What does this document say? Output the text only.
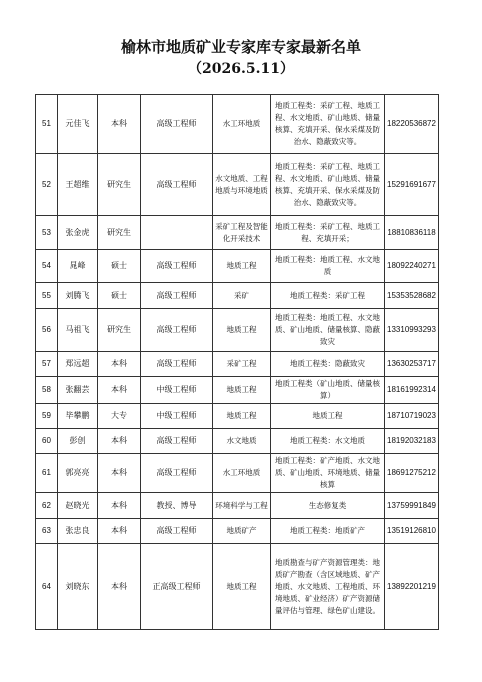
榆林市地质矿业专家库专家最新名单
（2026.5.11）
51	元佳飞	本科	高级工程师	水工环地质	地质工程类：采矿工程、地质工程、水文地质、矿山地质、储量核算、充填开采、保水采煤及防治水、隐蔽致灾等。	18220536872
52	王超维	研究生	高级工程师	水文地质、工程地质与环境地质	地质工程类：采矿工程、地质工程、水文地质、矿山地质、储量核算、充填开采、保水采煤及防治水、隐蔽致灾等。	15291691677
53	张金虎	研究生		采矿工程及智能化开采技术	地质工程类：采矿工程、地质工程、充填开采；	18810836118
54	晁峰	硕士	高级工程师	地质工程	地质工程类：地质工程、水文地质	18092240271
55	刘腾飞	硕士	高级工程师	采矿	地质工程类：采矿工程	15353528682
56	马祖飞	研究生	高级工程师	地质工程	地质工程类：地质工程、水文地质、矿山地质、储量核算、隐蔽致灾	13310993293
57	郑远超	本科	高级工程师	采矿工程	地质工程类：隐蔽致灾	13630253717
58	张翻芸	本科	中级工程师	地质工程	地质工程类（矿山地质、储量核算）	18161992314
59	毕攀鹏	大专	中级工程师	地质工程	地质工程	18710719023
60	彭创	本科	高级工程师	水文地质	地质工程类：水文地质	18192032183
61	郭亮亮	本科	高级工程师	水工环地质	地质工程类：矿产地质、水文地质、矿山地质、环境地质、储量核算	18691275212
62	赵晓光	本科	教授、博导	环境科学与工程	生态修复类	13759991849
63	张忠良	本科	高级工程师	地质矿产	地质工程类：地质矿产	13519126810
64	刘晓东	本科	正高级工程师	地质工程	地质勘查与矿产资源管理类：地质矿产勘查（含区域地质、矿产地质、水文地质、工程地质、环境地质、矿业经济）矿产资源储量评估与管理、绿色矿山建设。	13892201219
